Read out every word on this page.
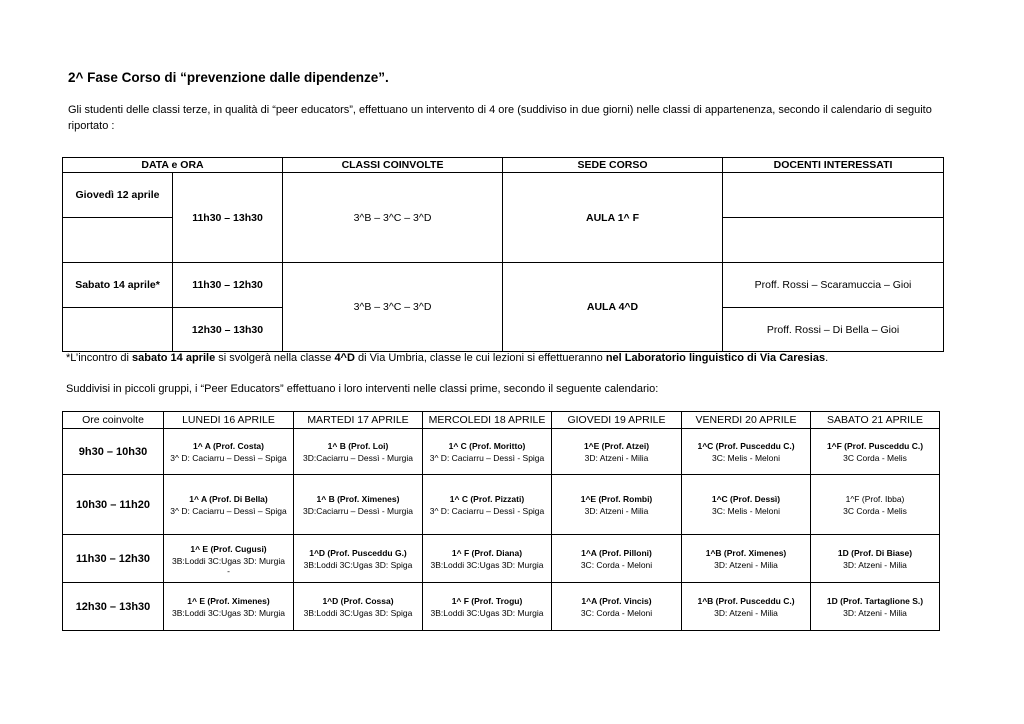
2^ Fase Corso di “prevenzione dalle dipendenze”.
Gli studenti delle classi terze, in qualità di “peer educators”, effettuano un intervento di 4 ore (suddiviso in due giorni) nelle classi di appartenenza, secondo il calendario di seguito riportato :
DATA e ORA		CLASSI COINVOLTE	SEDE CORSO	DOCENTI INTERESSATI
Giovedì 12 aprile	11h30 – 13h30	3^B – 3^C – 3^D	AULA 1^ F	

Sabato 14 aprile*	11h30 – 12h30	3^B – 3^C – 3^D	AULA 4^D	Proff. Rossi – Scaramuccia – Gioi
	12h30 – 13h30			Proff. Rossi – Di Bella – Gioi
*L’incontro di sabato 14 aprile si svolgerà nella classe 4^D di Via Umbria, classe le cui lezioni si effettueranno nel Laboratorio linguistico di Via Caresias.
Suddivisi in piccoli gruppi, i “Peer Educators” effettuano i loro interventi nelle classi prime, secondo il seguente calendario:
Ore coinvolte	LUNEDI 16 APRILE	MARTEDI 17 APRILE	MERCOLEDI 18 APRILE	GIOVEDI 19 APRILE	VENERDI 20 APRILE	SABATO 21 APRILE
9h30 – 10h30	1^ A (Prof. Costa)
3^ D: Caciarru – Dessì – Spiga	1^ B (Prof. Loi)
3D:Caciarru – Dessì - Murgia	1^ C (Prof. Moritto)
3^ D: Caciarru – Dessì - Spiga	1^E (Prof. Atzei)
3D: Atzeni - Milia	1^C (Prof. Pusceddu C.)
3C: Melis - Meloni	1^F (Prof. Pusceddu C.)
3C Corda - Melis

10h30 – 11h20	1^ A (Prof. Di Bella)
3^ D: Caciarru – Dessì – Spiga	1^ B (Prof. Ximenes)
3D:Caciarru – Dessì - Murgia	1^ C (Prof. Pizzati)
3^ D: Caciarru – Dessì - Spiga	1^E (Prof. Rombi)
3D: Atzeni - Milia	1^C (Prof. Dessì)
3C: Melis - Meloni	1^F (Prof. Ibba)
3C Corda - Melis

11h30 – 12h30	1^ E (Prof. Cugusi)
3B:Loddi 3C:Ugas 3D: Murgia
-	1^D (Prof. Pusceddu G.)
3B:Loddi 3C:Ugas 3D: Spiga	1^ F (Prof. Diana)
3B:Loddi 3C:Ugas 3D: Murgia	1^A (Prof. Pilloni)
3C: Corda - Meloni	1^B (Prof. Ximenes)
3D: Atzeni - Milia	1D (Prof. Di Biase)
3D: Atzeni - Milia

12h30 – 13h30	1^ E (Prof. Ximenes)
3B:Loddi 3C:Ugas 3D: Murgia	1^D (Prof. Cossa)
3B:Loddi 3C:Ugas 3D: Spiga	1^ F (Prof. Trogu)
3B:Loddi 3C:Ugas 3D: Murgia	1^A (Prof. Vincis)
3C: Corda - Meloni	1^B (Prof. Pusceddu C.)
3D: Atzeni - Milia	1D (Prof. Tartaglione S.)
3D: Atzeni - Milia
